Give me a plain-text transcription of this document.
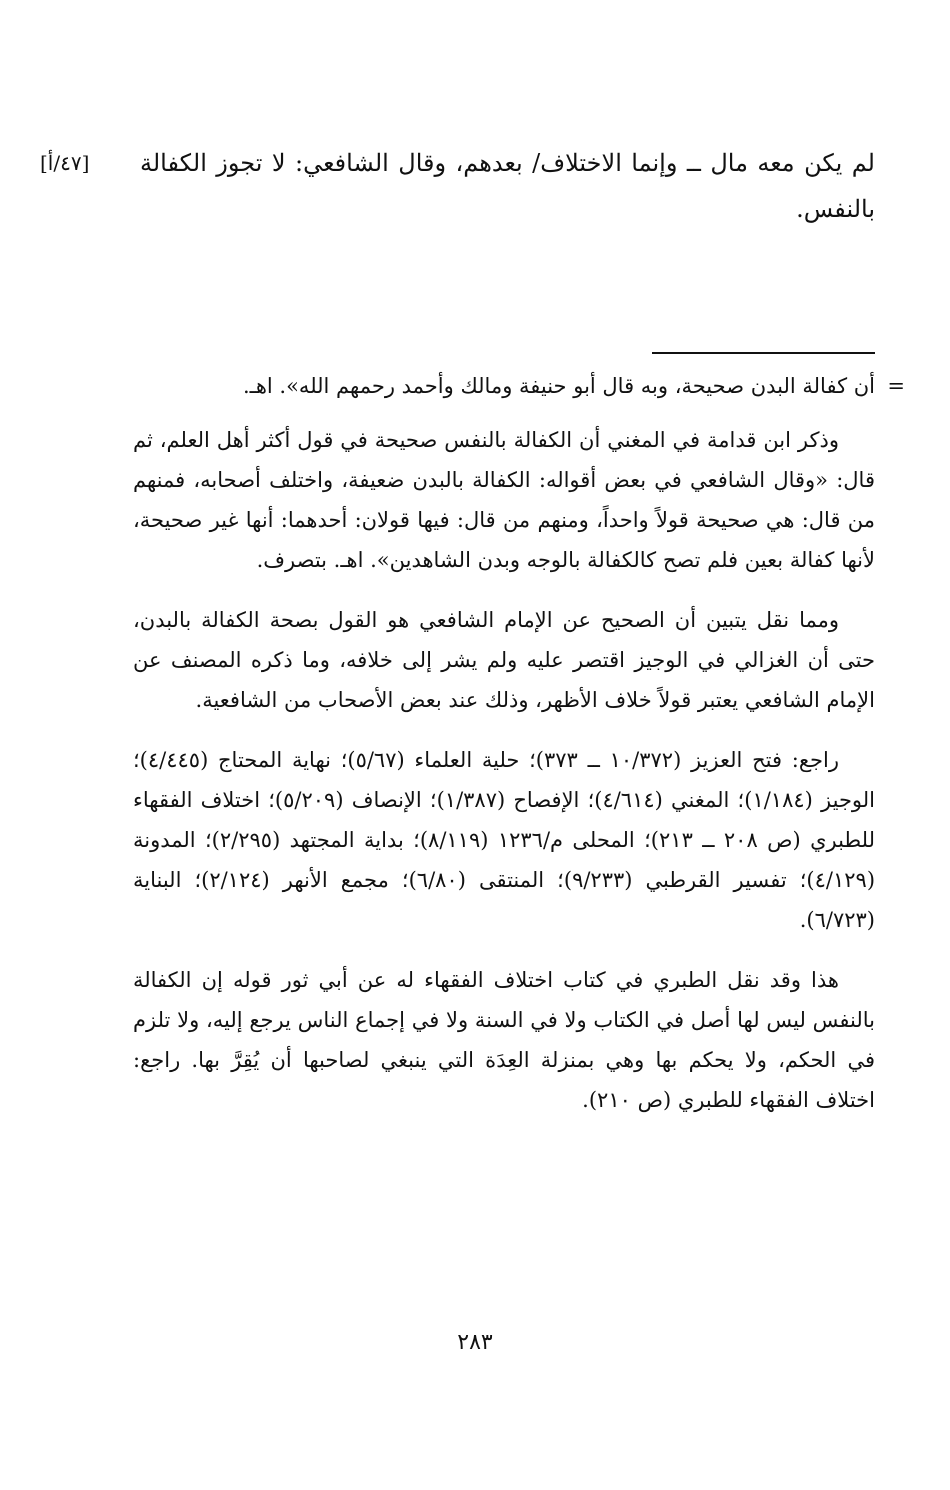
[٤٧/أ]	لم يكن معه مال ــ وإنما الاختلاف/ بعدهم، وقال الشافعي: لا تجوز الكفالة بالنفس.

=

أن كفالة البدن صحيحة، وبه قال أبو حنيفة ومالك وأحمد رحمهم الله». اهـ.

وذكر ابن قدامة في المغني أن الكفالة بالنفس صحيحة في قول أكثر أهل العلم، ثم قال: «وقال الشافعي في بعض أقواله: الكفالة بالبدن ضعيفة، واختلف أصحابه، فمنهم من قال: هي صحيحة قولاً واحداً، ومنهم من قال: فيها قولان: أحدهما: أنها غير صحيحة، لأنها كفالة بعين فلم تصح كالكفالة بالوجه وبدن الشاهدين». اهـ. بتصرف.

ومما نقل يتبين أن الصحيح عن الإمام الشافعي هو القول بصحة الكفالة بالبدن، حتى أن الغزالي في الوجيز اقتصر عليه ولم يشر إلى خلافه، وما ذكره المصنف عن الإمام الشافعي يعتبر قولاً خلاف الأظهر، وذلك عند بعض الأصحاب من الشافعية.

راجع: فتح العزيز (١٠/٣٧٢ ــ ٣٧٣)؛ حلية العلماء (٥/٦٧)؛ نهاية المحتاج (٤/٤٤٥)؛ الوجيز (١/١٨٤)؛ المغني (٤/٦١٤)؛ الإفصاح (١/٣٨٧)؛ الإنصاف (٥/٢٠٩)؛ اختلاف الفقهاء للطبري (ص ٢٠٨ ــ ٢١٣)؛ المحلى م/١٢٣٦ (٨/١١٩)؛ بداية المجتهد (٢/٢٩٥)؛ المدونة (٤/١٢٩)؛ تفسير القرطبي (٩/٢٣٣)؛ المنتقى (٦/٨٠)؛ مجمع الأنهر (٢/١٢٤)؛ البناية (٦/٧٢٣).

هذا وقد نقل الطبري في كتاب اختلاف الفقهاء له عن أبي ثور قوله إن الكفالة بالنفس ليس لها أصل في الكتاب ولا في السنة ولا في إجماع الناس يرجع إليه، ولا تلزم في الحكم، ولا يحكم بها وهي بمنزلة العِدَة التي ينبغي لصاحبها أن يُقِرَّ بها. راجع: اختلاف الفقهاء للطبري (ص ٢١٠).

٢٨٣
